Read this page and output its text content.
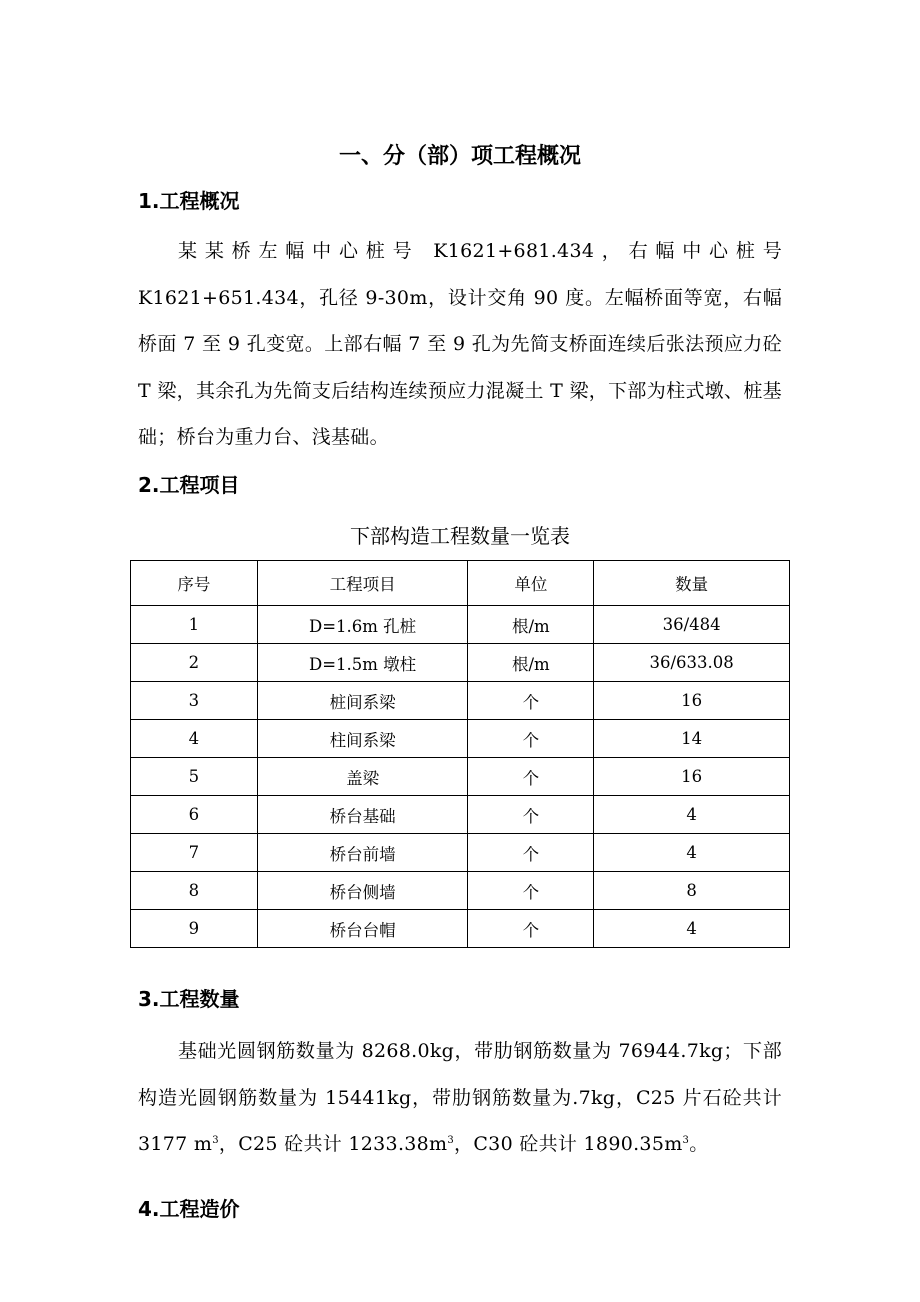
一、分（部）项工程概况
1.工程概况

某某桥左幅中心桩号 K1621+681.434，右幅中心桩号 K1621+651.434，孔径 9-30m，设计交角 90 度。左幅桥面等宽，右幅桥面 7 至 9 孔变宽。上部右幅 7 至 9 孔为先简支桥面连续后张法预应力砼 T 梁，其余孔为先简支后结构连续预应力混凝土 T 梁，下部为柱式墩、桩基础；桥台为重力台、浅基础。

2.工程项目

下部构造工程数量一览表

序号	工程项目	单位	数量
1	D=1.6m 孔桩	根/m	36/484
2	D=1.5m 墩柱	根/m	36/633.08
3	桩间系梁	个	16
4	柱间系梁	个	14
5	盖梁	个	16
6	桥台基础	个	4
7	桥台前墙	个	4
8	桥台侧墙	个	8
9	桥台台帽	个	4
3.工程数量

基础光圆钢筋数量为 8268.0kg，带肋钢筋数量为 76944.7kg；下部构造光圆钢筋数量为 15441kg，带肋钢筋数量为.7kg，C25 片石砼共计 3177 $m^3$，C25 砼共计 $1233.38m^3$，C30 砼共计 $1890.35m^3$。

4.工程造价
